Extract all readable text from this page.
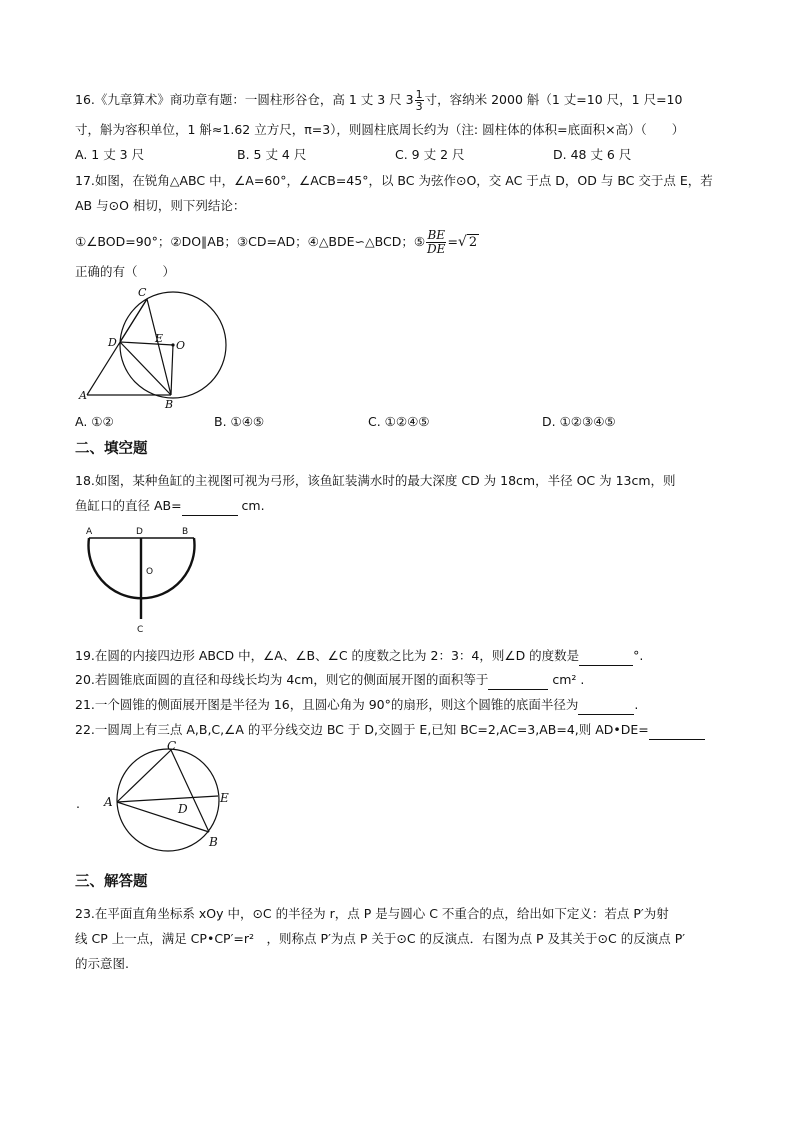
16.《九章算术》商功章有题：一圆柱形谷仓，高 1 丈 3 尺 $3 \frac{1}{3}$ 寸，容纳米 2000 斛（1 丈=10 尺，1 尺=10
寸，斛为容积单位，1 斛≈1.62 立方尺，π=3），则圆柱底周长约为（注: 圆柱体的体积=底面积×高）（　　）
A. 1 丈 3 尺	B. 5 丈 4 尺	C. 9 丈 2 尺	D. 48 丈 6 尺
17.如图，在锐角△ABC 中，∠A=60°，∠ACB=45°，以 BC 为弦作⊙O，交 AC 于点 D，OD 与 BC 交于点 E，若
AB 与⊙O 相切，则下列结论：
①∠BOD=90°；②DO∥AB；③CD=AD；④△BDE∽△BCD；⑤ $\frac{BE}{DE}$ =√ 2
正确的有（　　）
C
D	E
O
A
B
A. ①②	B. ①④⑤	C. ①②④⑤	D. ①②③④⑤
二、填空题
18.如图，某种鱼缸的主视图可视为弓形，该鱼缸装满水时的最大深度 CD 为 18cm，半径 OC 为 13cm，则
鱼缸口的直径 AB=	cm.
A	D	B
O
C
19.在圆的内接四边形 ABCD 中，∠A、∠B、∠C 的度数之比为 2：3：4，则∠D 的度数是	°.
20.若圆锥底面圆的直径和母线长均为 4cm，则它的侧面展开图的面积等于	cm² .
21.一个圆锥的侧面展开图是半径为 16，且圆心角为 90°的扇形，则这个圆锥的底面半径为	.
22.一圆周上有三点 A,B,C,∠A 的平分线交边 BC 于 D,交圆于 E,已知 BC=2,AC=3,AB=4,则 AD•DE=
.
C
A	D
E
B
三、解答题
23.在平面直角坐标系 xOy 中，⊙C 的半径为 r，点 P 是与圆心 C 不重合的点，给出如下定义：若点 P′为射
线 CP 上一点，满足 CP•CP′=r²　，则称点 P′为点 P 关于⊙C 的反演点．右图为点 P 及其关于⊙C 的反演点 P′
的示意图.
